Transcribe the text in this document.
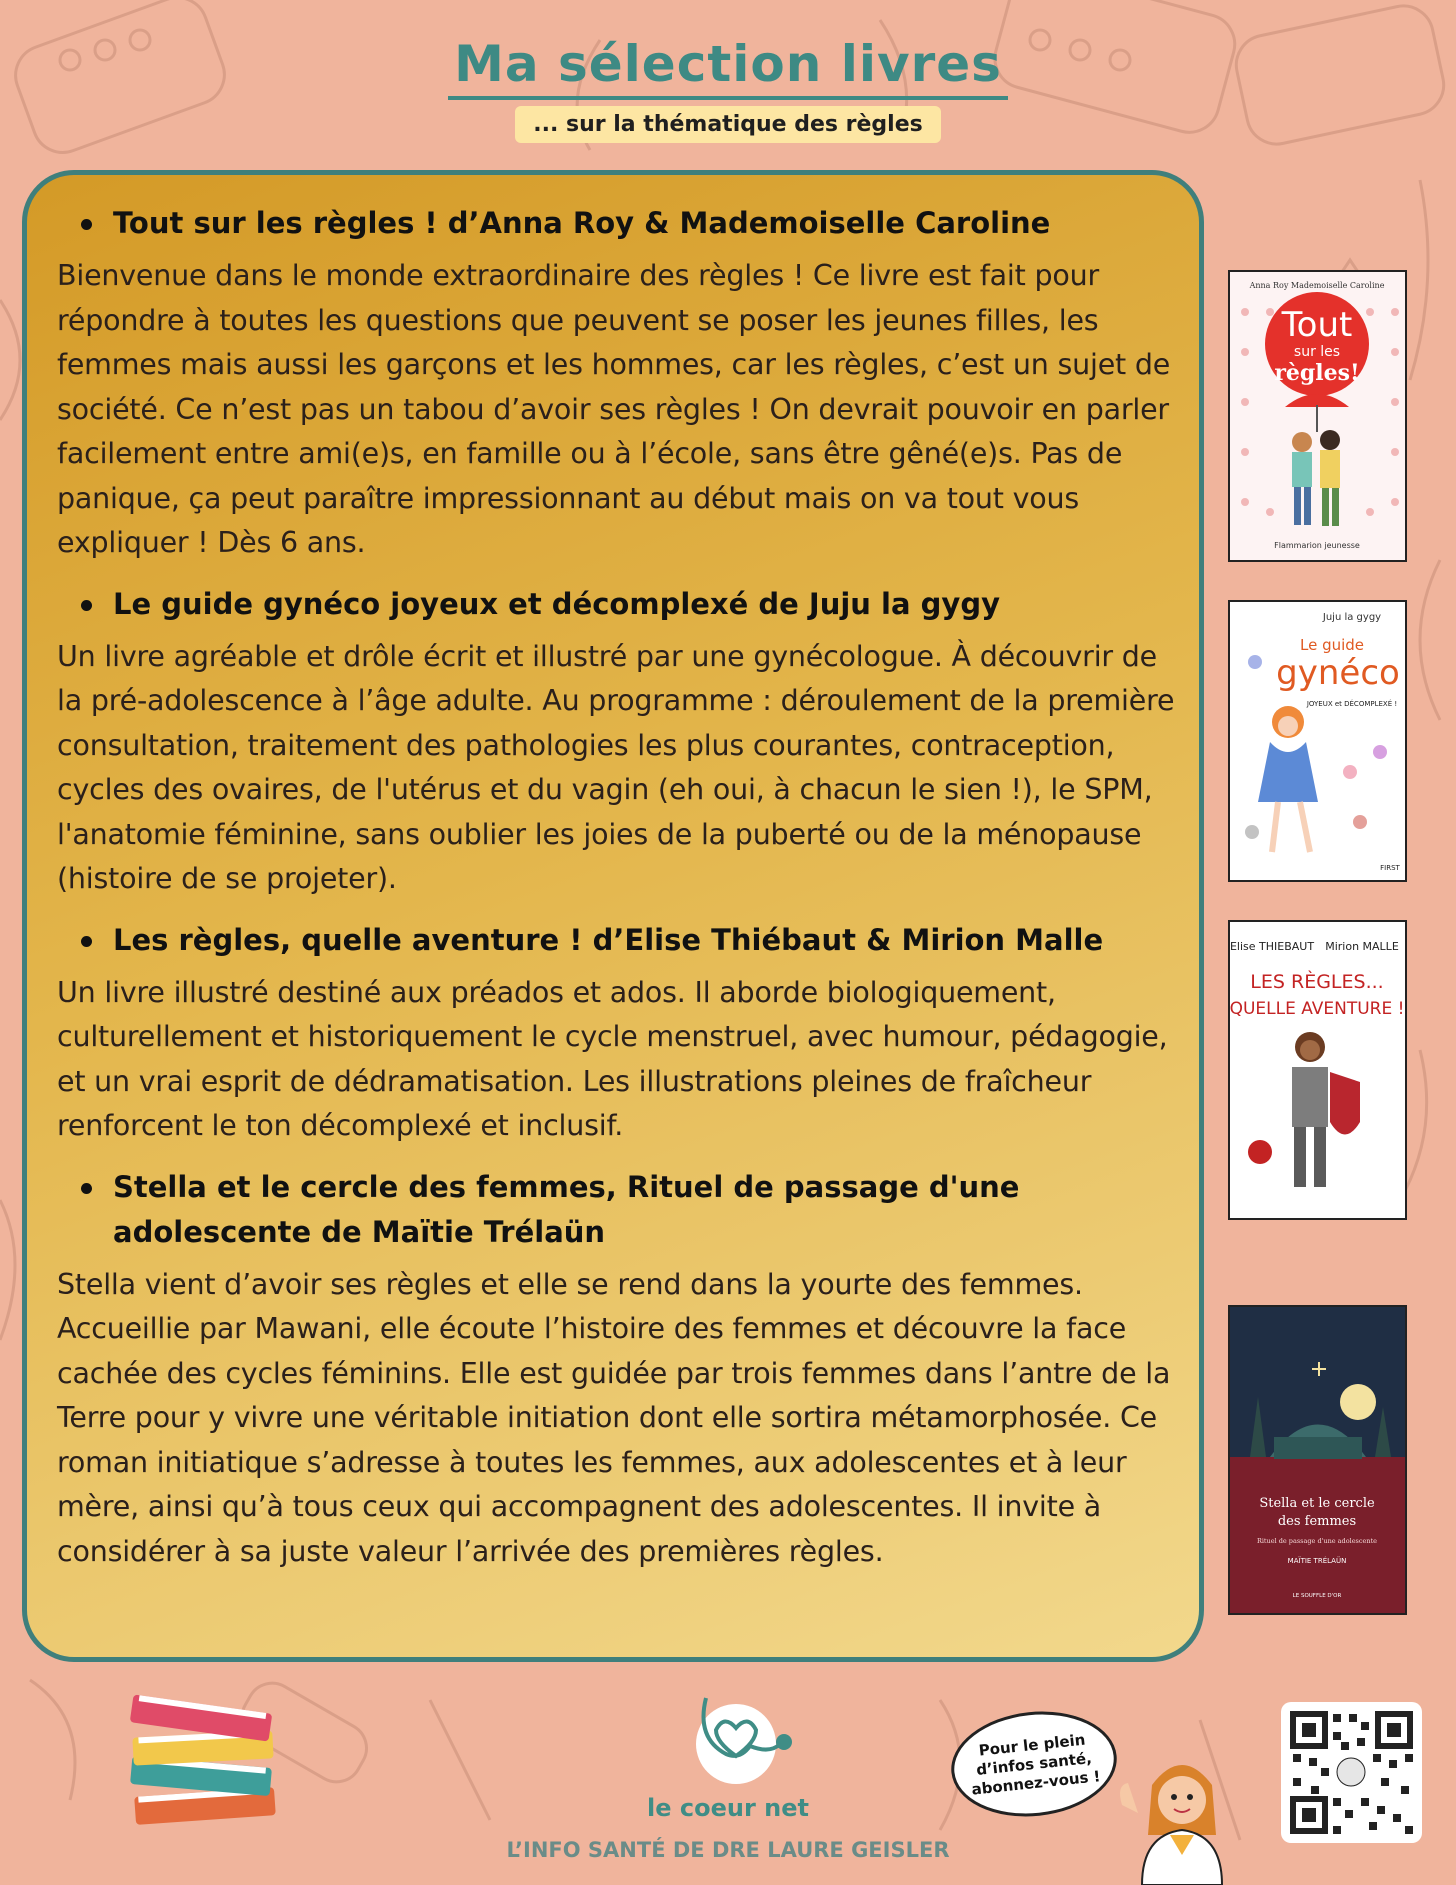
Ma sélection livres
... sur la thématique des règles
Tout sur les règles ! d’Anna Roy & Mademoiselle Caroline

Bienvenue dans le monde extraordinaire des règles ! Ce livre est fait pour répondre à toutes les questions que peuvent se poser les jeunes filles, les femmes mais aussi les garçons et les hommes, car les règles, c’est un sujet de société. Ce n’est pas un tabou d’avoir ses règles ! On devrait pouvoir en parler facilement entre ami(e)s, en famille ou à l’école, sans être gêné(e)s. Pas de panique, ça peut paraître impressionnant au début mais on va tout vous expliquer ! Dès 6 ans.

Le guide gynéco joyeux et décomplexé de Juju la gygy

Un livre agréable et drôle écrit et illustré par une gynécologue. À découvrir de la pré-adolescence à l’âge adulte. Au programme : déroulement de la première consultation, traitement des pathologies les plus courantes, contraception, cycles des ovaires, de l'utérus et du vagin (eh oui, à chacun le sien !), le SPM, l'anatomie féminine, sans oublier les joies de la puberté ou de la ménopause (histoire de se projeter).

Les règles, quelle aventure ! d’Elise Thiébaut & Mirion Malle

Un livre illustré destiné aux préados et ados. Il aborde biologiquement, culturellement et historiquement le cycle menstruel, avec humour, pédagogie, et un vrai esprit de dédramatisation. Les illustrations pleines de fraîcheur renforcent le ton décomplexé et inclusif.

Stella et le cercle des femmes, Rituel de passage d'une adolescente de Maïtie Trélaün

Stella vient d’avoir ses règles et elle se rend dans la yourte des femmes. Accueillie par Mawani, elle écoute l’histoire des femmes et découvre la face cachée des cycles féminins. Elle est guidée par trois femmes dans l’antre de la Terre pour y vivre une véritable initiation dont elle sortira métamorphosée. Ce roman initiatique s’adresse à toutes les femmes, aux adolescentes et à leur mère, ainsi qu’à tous ceux qui accompagnent des adolescentes. Il invite à considérer à sa juste valeur l’arrivée des premières règles.

Anna Roy Mademoiselle Caroline
Tout
sur les
règles!
Flammarion jeunesse
Juju la gygy
Le guide
gynéco
JOYEUX et DÉCOMPLEXÉ !
FIRST
Elise THIEBAUT Mirion MALLE
LES RÈGLES...
QUELLE AVENTURE !
Stella et le cercle
des femmes
Rituel de passage d'une adolescente
MAÏTIE TRÉLAÜN
LE SOUFFLE D'OR
le coeur net
L’INFO SANTÉ DE DRE LAURE GEISLER
Pour le plein d’infos santé, abonnez-vous !
